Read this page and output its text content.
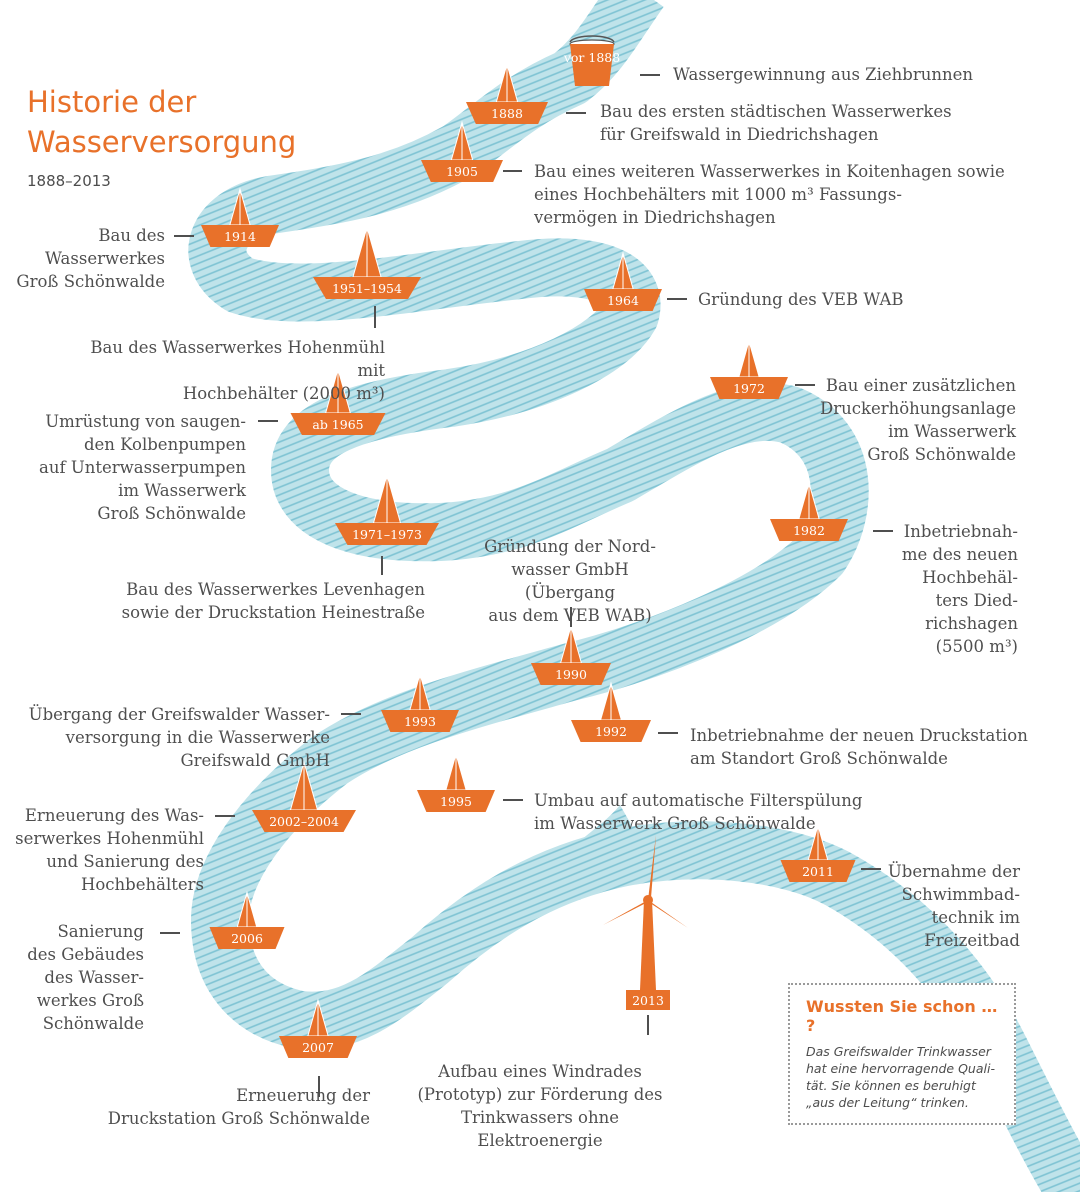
vor 1888
1888
1905
1914
1951–1954
1964
ab 1965
1972
1971–1973	1982
1990
1993
1992
1995
2002–2004
2011
2006
2007
2013
Historie der
Wasserversorgung
1888–2013
Wassergewinnung aus Ziehbrunnen
Bau des ersten städtischen Wasserwerkes
für Greifswald in Diedrichshagen
Bau eines weiteren Wasserwerkes in Koitenhagen sowie
eines Hochbehälters mit 1000 m³ Fassungs-
vermögen in Diedrichshagen
Bau des
Wasserwerkes
Groß Schönwalde
Bau des Wasserwerkes Hohenmühl mit
Hochbehälter (2000 m³)
Gründung des VEB WAB
Umrüstung von saugen-
den Kolbenpumpen
auf Unterwasserpumpen
im Wasserwerk
Groß Schönwalde
Bau einer zusätzlichen
Druckerhöhungsanlage
im Wasserwerk
Groß Schönwalde
Bau des Wasserwerkes Levenhagen
sowie der Druckstation Heinestraße
Inbetriebnah-
me des neuen
Hochbehäl-
ters Died-
richshagen
(5500 m³)
Gründung der Nord-
wasser GmbH (Übergang
aus dem VEB WAB)
Übergang der Greifswalder Wasser-
versorgung in die Wasserwerke
Greifswald GmbH
Inbetriebnahme der neuen Druckstation
am Standort Groß Schönwalde
Umbau auf automatische Filterspülung
im Wasserwerk Groß Schönwalde
Erneuerung des Was-
serwerkes Hohenmühl
und Sanierung des
Hochbehälters
Übernahme der
Schwimmbad-
technik im
Freizeitbad
Sanierung
des Gebäudes
des Wasser-
werkes Groß
Schönwalde
Aufbau eines Windrades
(Prototyp) zur Förderung des
Trinkwassers ohne Elektroenergie
Erneuerung der
Druckstation Groß Schönwalde
Wussten Sie schon … ?
Das Greifswalder Trinkwasser hat eine hervorragende Qualität. Sie können es beruhigt „aus der Leitung“ trinken.
